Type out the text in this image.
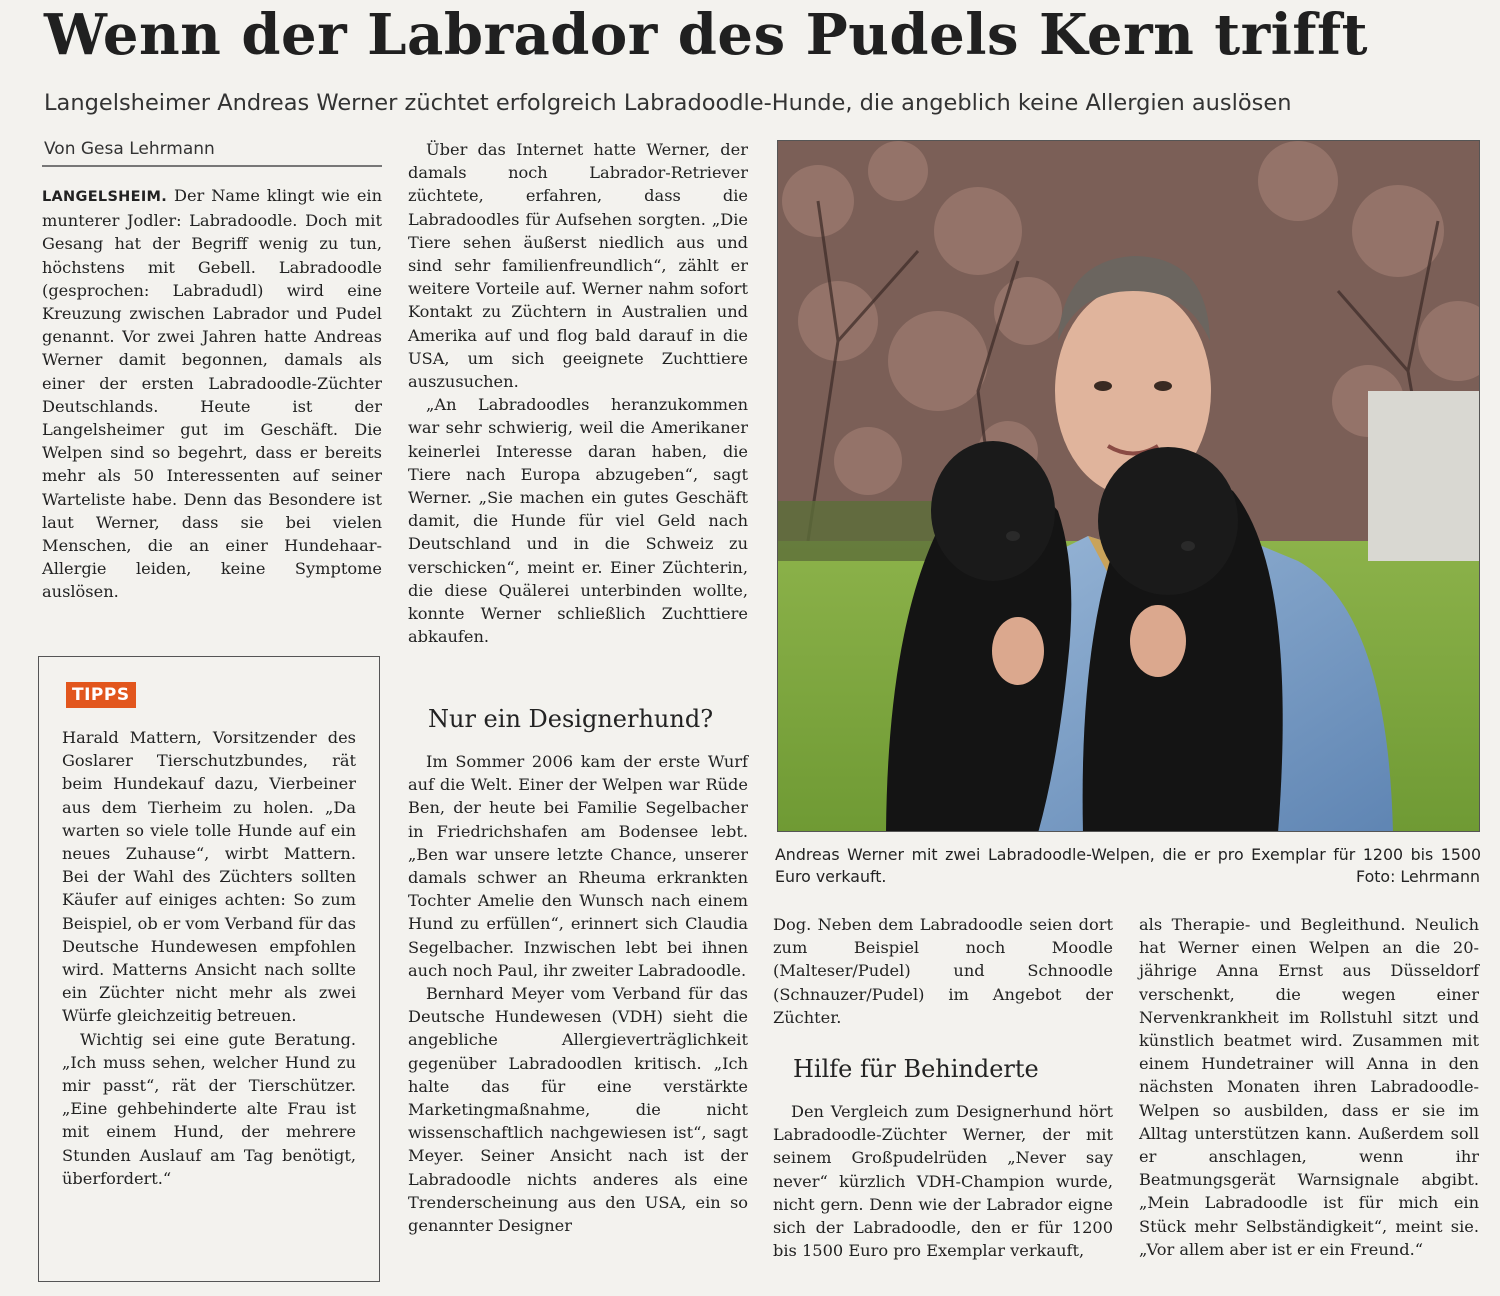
Wenn der Labrador des Pudels Kern trifft
Langelsheimer Andreas Werner züchtet erfolgreich Labradoodle-Hunde, die angeblich keine Allergien auslösen
Von Gesa Lehrmann

LANGELSHEIM. Der Name klingt wie ein munterer Jodler: Labradoodle. Doch mit Gesang hat der Begriff wenig zu tun, höchstens mit Gebell. Labradoodle (gesprochen: Labradudl) wird eine Kreuzung zwischen Labrador und Pudel genannt. Vor zwei Jahren hatte Andreas Werner damit begonnen, damals als einer der ersten Labradoodle-Züchter Deutschlands. Heute ist der Langelsheimer gut im Geschäft. Die Welpen sind so begehrt, dass er bereits mehr als 50 Interessenten auf seiner Warteliste habe. Denn das Besondere ist laut Werner, dass sie bei vielen Menschen, die an einer Hundehaar-Allergie leiden, keine Symptome auslösen.

TIPPS

Harald Mattern, Vorsitzender des Goslarer Tierschutzbundes, rät beim Hundekauf dazu, Vierbeiner aus dem Tierheim zu holen. „Da warten so viele tolle Hunde auf ein neues Zuhause“, wirbt Mattern. Bei der Wahl des Züchters sollten Käufer auf einiges achten: So zum Beispiel, ob er vom Verband für das Deutsche Hundewesen empfohlen wird. Matterns Ansicht nach sollte ein Züchter nicht mehr als zwei Würfe gleichzeitig betreuen.

Wichtig sei eine gute Beratung. „Ich muss sehen, welcher Hund zu mir passt“, rät der Tierschützer. „Eine gehbehinderte alte Frau ist mit einem Hund, der mehrere Stunden Auslauf am Tag benötigt, überfordert.“

Über das Internet hatte Werner, der damals noch Labrador-Retriever züchtete, erfahren, dass die Labradoodles für Aufsehen sorgten. „Die Tiere sehen äußerst niedlich aus und sind sehr familienfreundlich“, zählt er weitere Vorteile auf. Werner nahm sofort Kontakt zu Züchtern in Australien und Amerika auf und flog bald darauf in die USA, um sich geeignete Zuchttiere auszusuchen.

„An Labradoodles heranzukommen war sehr schwierig, weil die Amerikaner keinerlei Interesse daran haben, die Tiere nach Europa abzugeben“, sagt Werner. „Sie machen ein gutes Geschäft damit, die Hunde für viel Geld nach Deutschland und in die Schweiz zu verschicken“, meint er. Einer Züchterin, die diese Quälerei unterbinden wollte, konnte Werner schließlich Zuchttiere abkaufen.

Nur ein Designerhund?

Im Sommer 2006 kam der erste Wurf auf die Welt. Einer der Welpen war Rüde Ben, der heute bei Familie Segelbacher in Friedrichshafen am Bodensee lebt. „Ben war unsere letzte Chance, unserer damals schwer an Rheuma erkrankten Tochter Amelie den Wunsch nach einem Hund zu erfüllen“, erinnert sich Claudia Segelbacher. Inzwischen lebt bei ihnen auch noch Paul, ihr zweiter Labradoodle.

Bernhard Meyer vom Verband für das Deutsche Hundewesen (VDH) sieht die angebliche Allergieverträglichkeit gegenüber Labradoodlen kritisch. „Ich halte das für eine verstärkte Marketingmaßnahme, die nicht wissenschaftlich nachgewiesen ist“, sagt Meyer. Seiner Ansicht nach ist der Labradoodle nichts anderes als eine Trenderscheinung aus den USA, ein so genannter Designer

Andreas Werner mit zwei Labradoodle-Welpen, die er pro Exemplar für 1200 bis 1500 Euro verkauft.	Foto: Lehrmann

Dog. Neben dem Labradoodle seien dort zum Beispiel noch Moodle (Malteser/Pudel) und Schnoodle (Schnauzer/Pudel) im Angebot der Züchter.

Hilfe für Behinderte

Den Vergleich zum Designerhund hört Labradoodle-Züchter Werner, der mit seinem Großpudelrüden „Never say never“ kürzlich VDH-Champion wurde, nicht gern. Denn wie der Labrador eigne sich der Labradoodle, den er für 1200 bis 1500 Euro pro Exemplar verkauft,

als Therapie- und Begleithund. Neulich hat Werner einen Welpen an die 20-jährige Anna Ernst aus Düsseldorf verschenkt, die wegen einer Nervenkrankheit im Rollstuhl sitzt und künstlich beatmet wird. Zusammen mit einem Hundetrainer will Anna in den nächsten Monaten ihren Labradoodle-Welpen so ausbilden, dass er sie im Alltag unterstützen kann. Außerdem soll er anschlagen, wenn ihr Beatmungsgerät Warnsignale abgibt. „Mein Labradoodle ist für mich ein Stück mehr Selbständigkeit“, meint sie. „Vor allem aber ist er ein Freund.“
